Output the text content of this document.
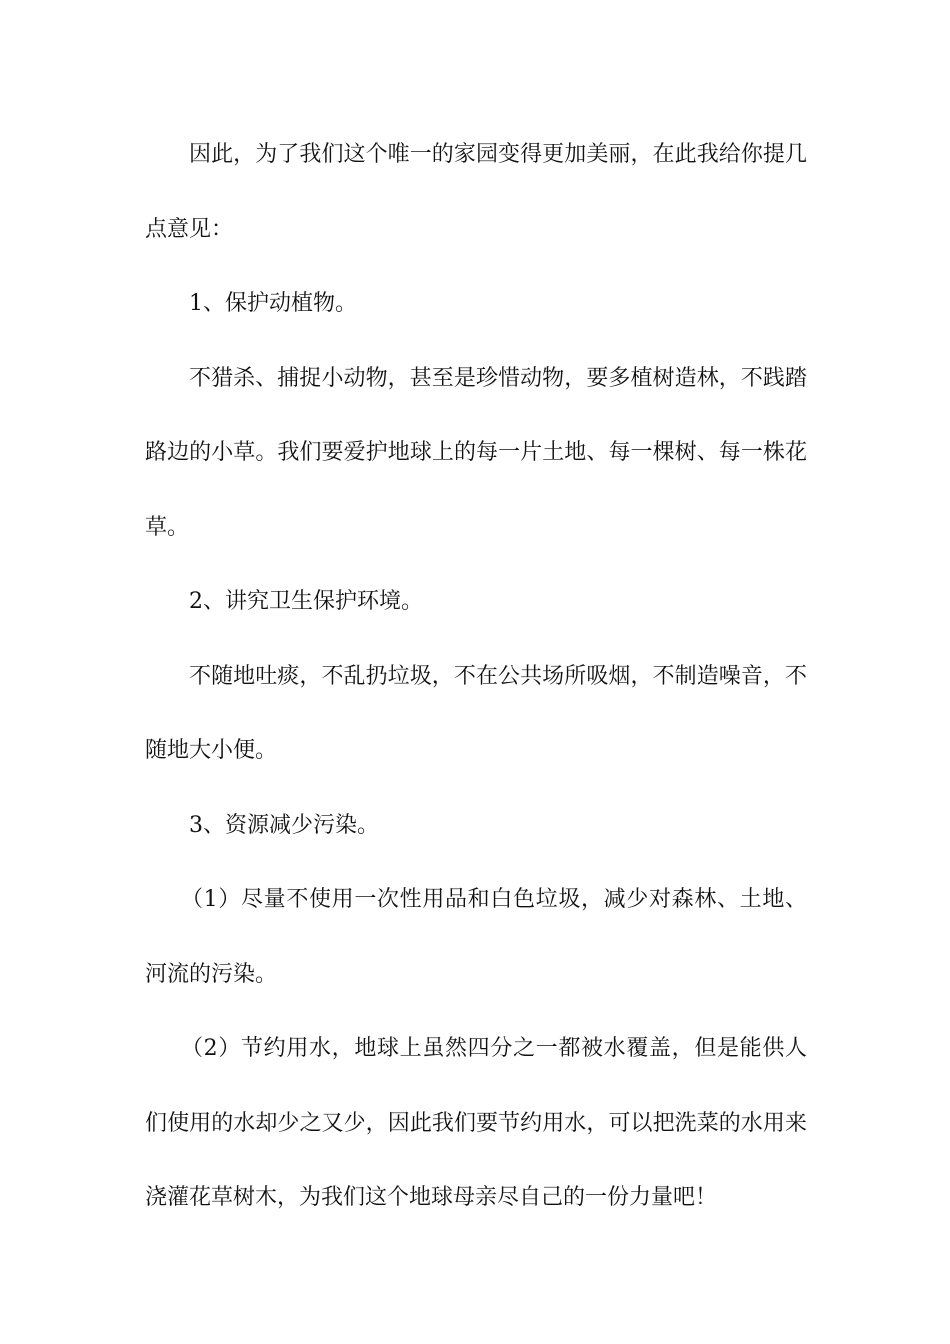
因此，为了我们这个唯一的家园变得更加美丽，在此我给你提几点意见：

1、保护动植物。

不猎杀、捕捉小动物，甚至是珍惜动物，要多植树造林，不践踏路边的小草。我们要爱护地球上的每一片土地、每一棵树、每一株花草。

2、讲究卫生保护环境。

不随地吐痰，不乱扔垃圾，不在公共场所吸烟，不制造噪音，不随地大小便。

3、资源减少污染。

（1）尽量不使用一次性用品和白色垃圾，减少对森林、土地、河流的污染。

（2）节约用水，地球上虽然四分之一都被水覆盖，但是能供人们使用的水却少之又少，因此我们要节约用水，可以把洗菜的水用来浇灌花草树木，为我们这个地球母亲尽自己的一份力量吧！
